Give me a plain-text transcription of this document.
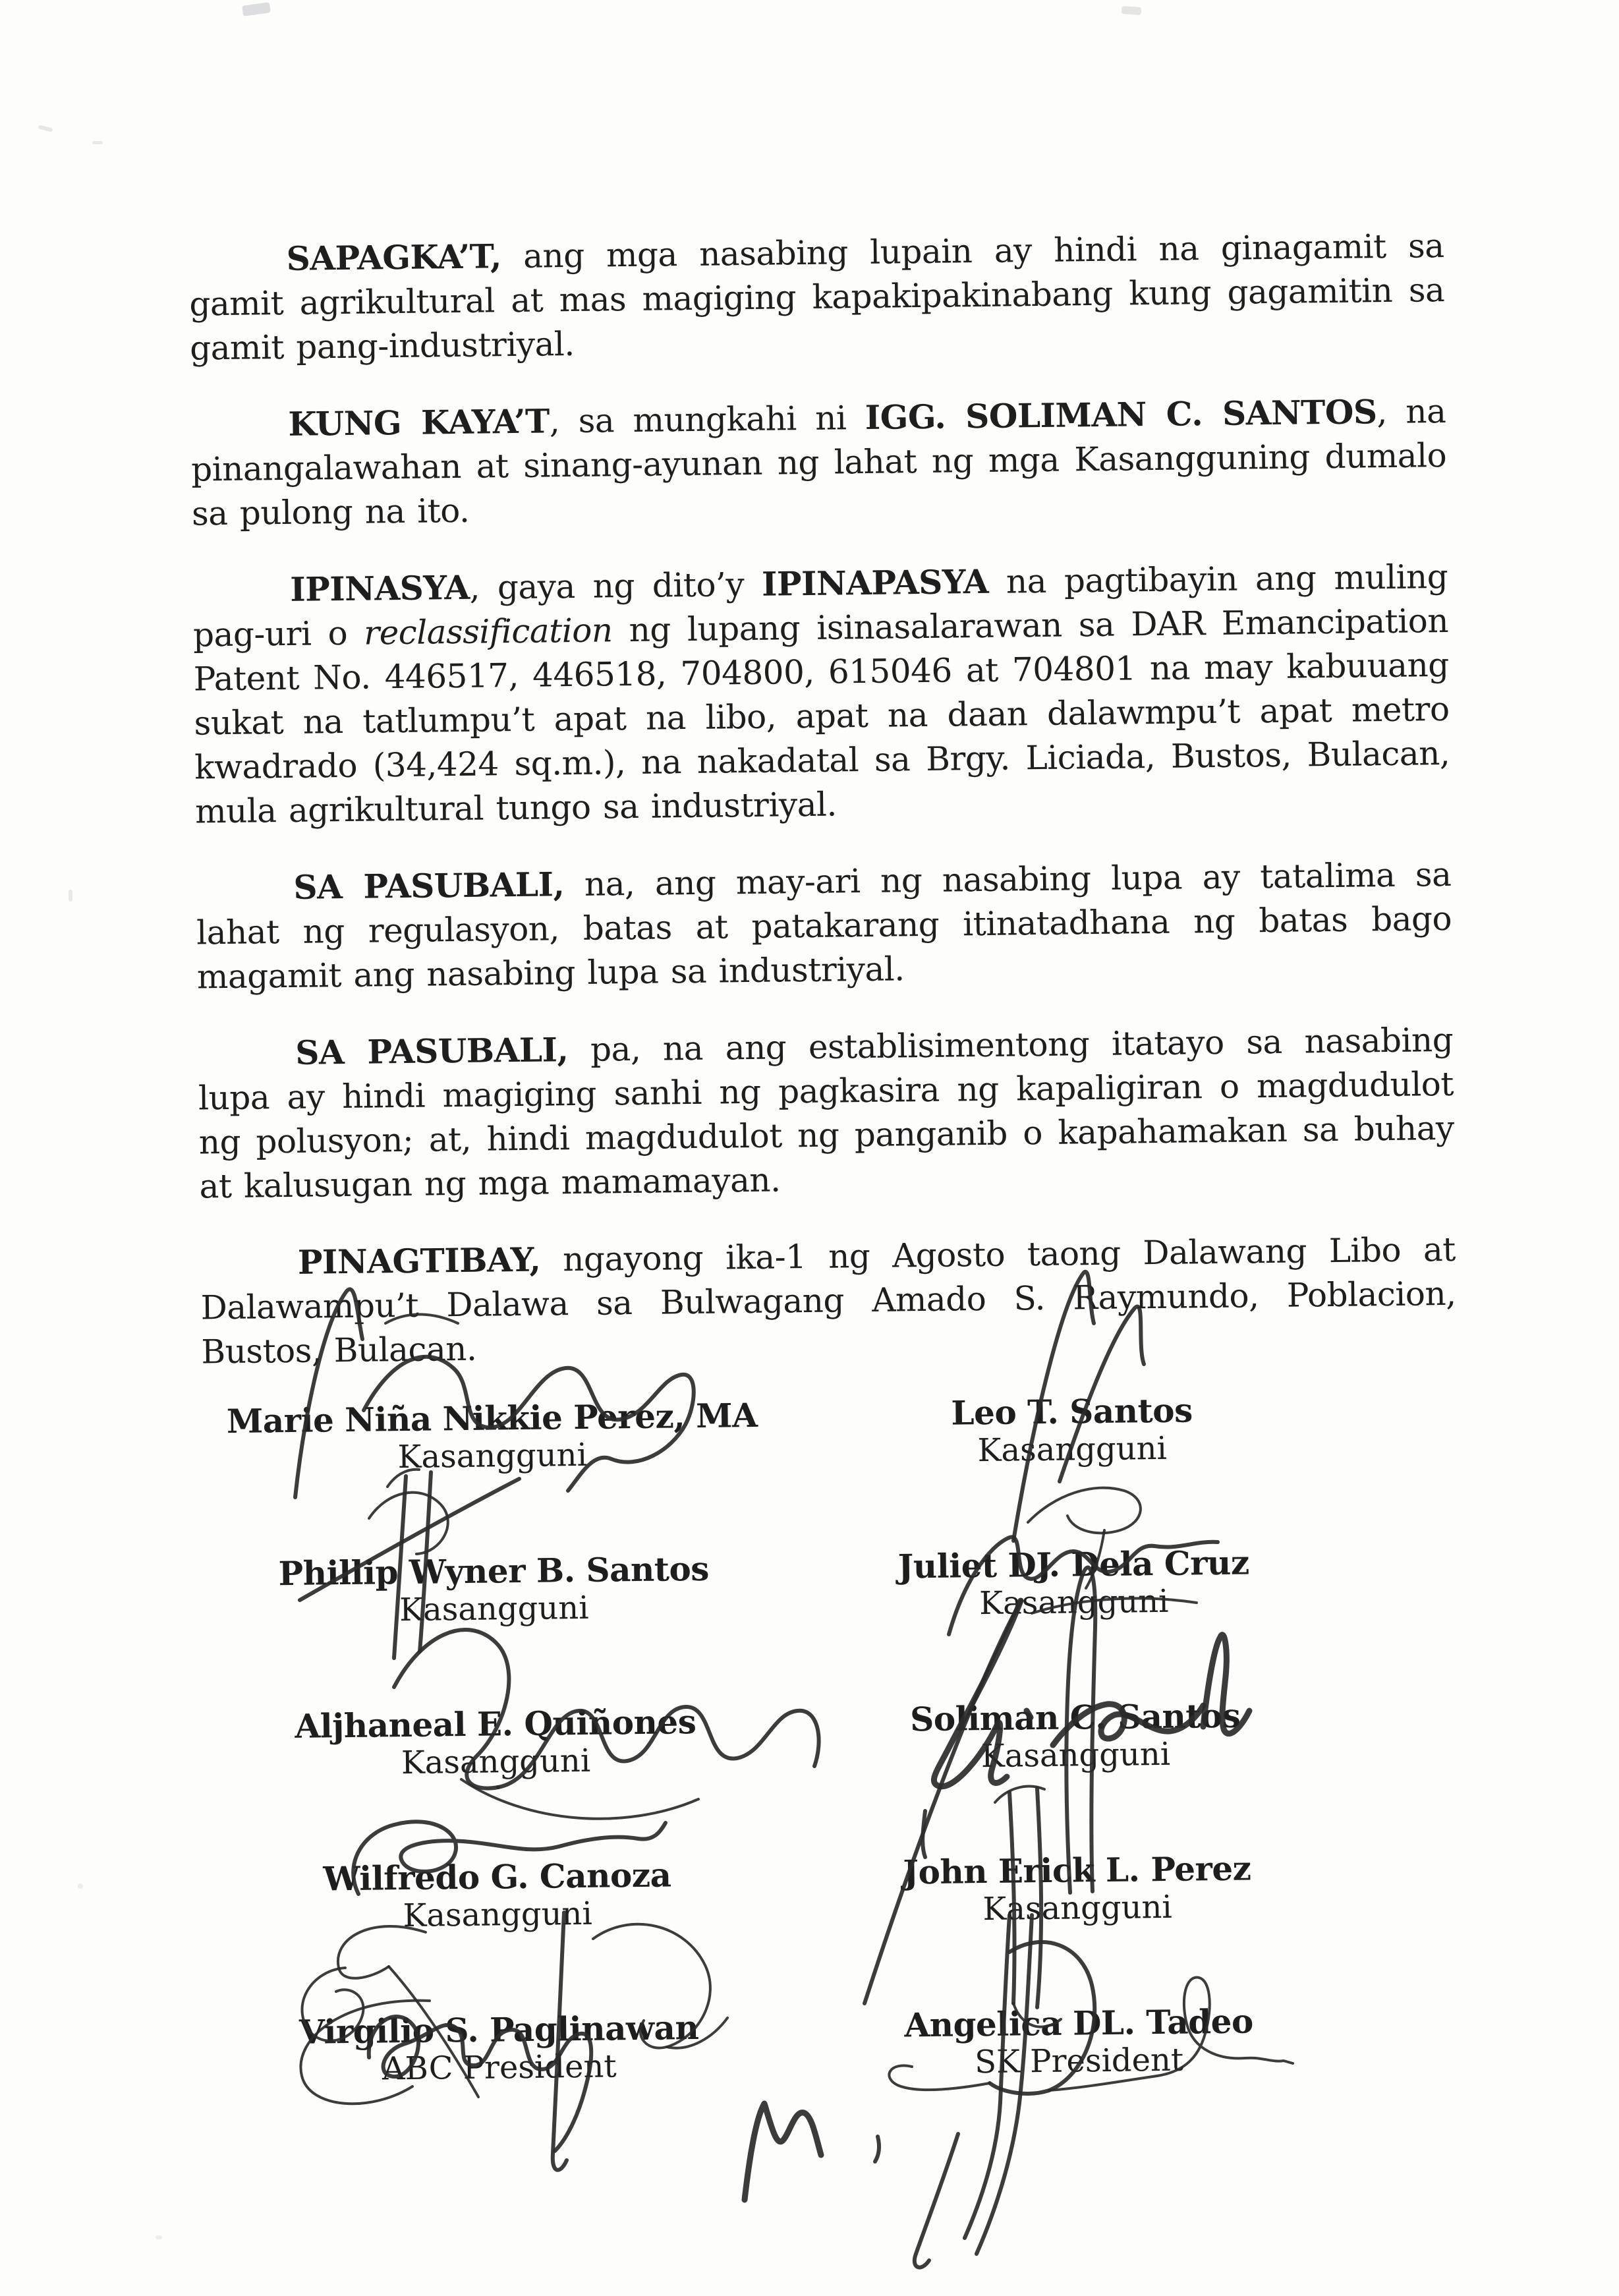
SAPAGKA’T, ang mga nasabing lupain ay hindi na ginagamit sa gamit agrikultural at mas magiging kapakipakinabang kung gagamitin sa gamit pang-industriyal.

KUNG KAYA’T, sa mungkahi ni IGG. SOLIMAN C. SANTOS, na pinangalawahan at sinang-ayunan ng lahat ng mga Kasangguning dumalo sa pulong na ito.

IPINASYA, gaya ng dito’y IPINAPASYA na pagtibayin ang muling pag-uri o reclassification ng lupang isinasalarawan sa DAR Emancipation Patent No. 446517, 446518, 704800, 615046 at 704801 na may kabuuang sukat na tatlumpu’t apat na libo, apat na daan dalawmpu’t apat metro kwadrado (34,424 sq.m.), na nakadatal sa Brgy. Liciada, Bustos, Bulacan, mula agrikultural tungo sa industriyal.

SA PASUBALI, na, ang may-ari ng nasabing lupa ay tatalima sa lahat ng regulasyon, batas at patakarang itinatadhana ng batas bago magamit ang nasabing lupa sa industriyal.

SA PASUBALI, pa, na ang establisimentong itatayo sa nasabing lupa ay hindi magiging sanhi ng pagkasira ng kapaligiran o magdudulot ng polusyon; at, hindi magdudulot ng panganib o kapahamakan sa buhay at kalusugan ng mga mamamayan.

PINAGTIBAY, ngayong ika-1 ng Agosto taong Dalawang Libo at Dalawampu’t Dalawa sa Bulwagang Amado S. Raymundo, Poblacion, Bustos, Bulacan.

Marie Niña Nikkie Perez, MA
Kasangguni
Leo T. Santos
Kasangguni
Phillip Wyner B. Santos
Kasangguni
Juliet DJ. Dela Cruz
Kasangguni
Aljhaneal E. Quiñones
Kasangguni
Soliman C. Santos
Kasangguni
Wilfredo G. Canoza
Kasangguni
John Erick L. Perez
Kasangguni
Virgilio S. Paglinawan
ABC President
Angelica DL. Tadeo
SK President
